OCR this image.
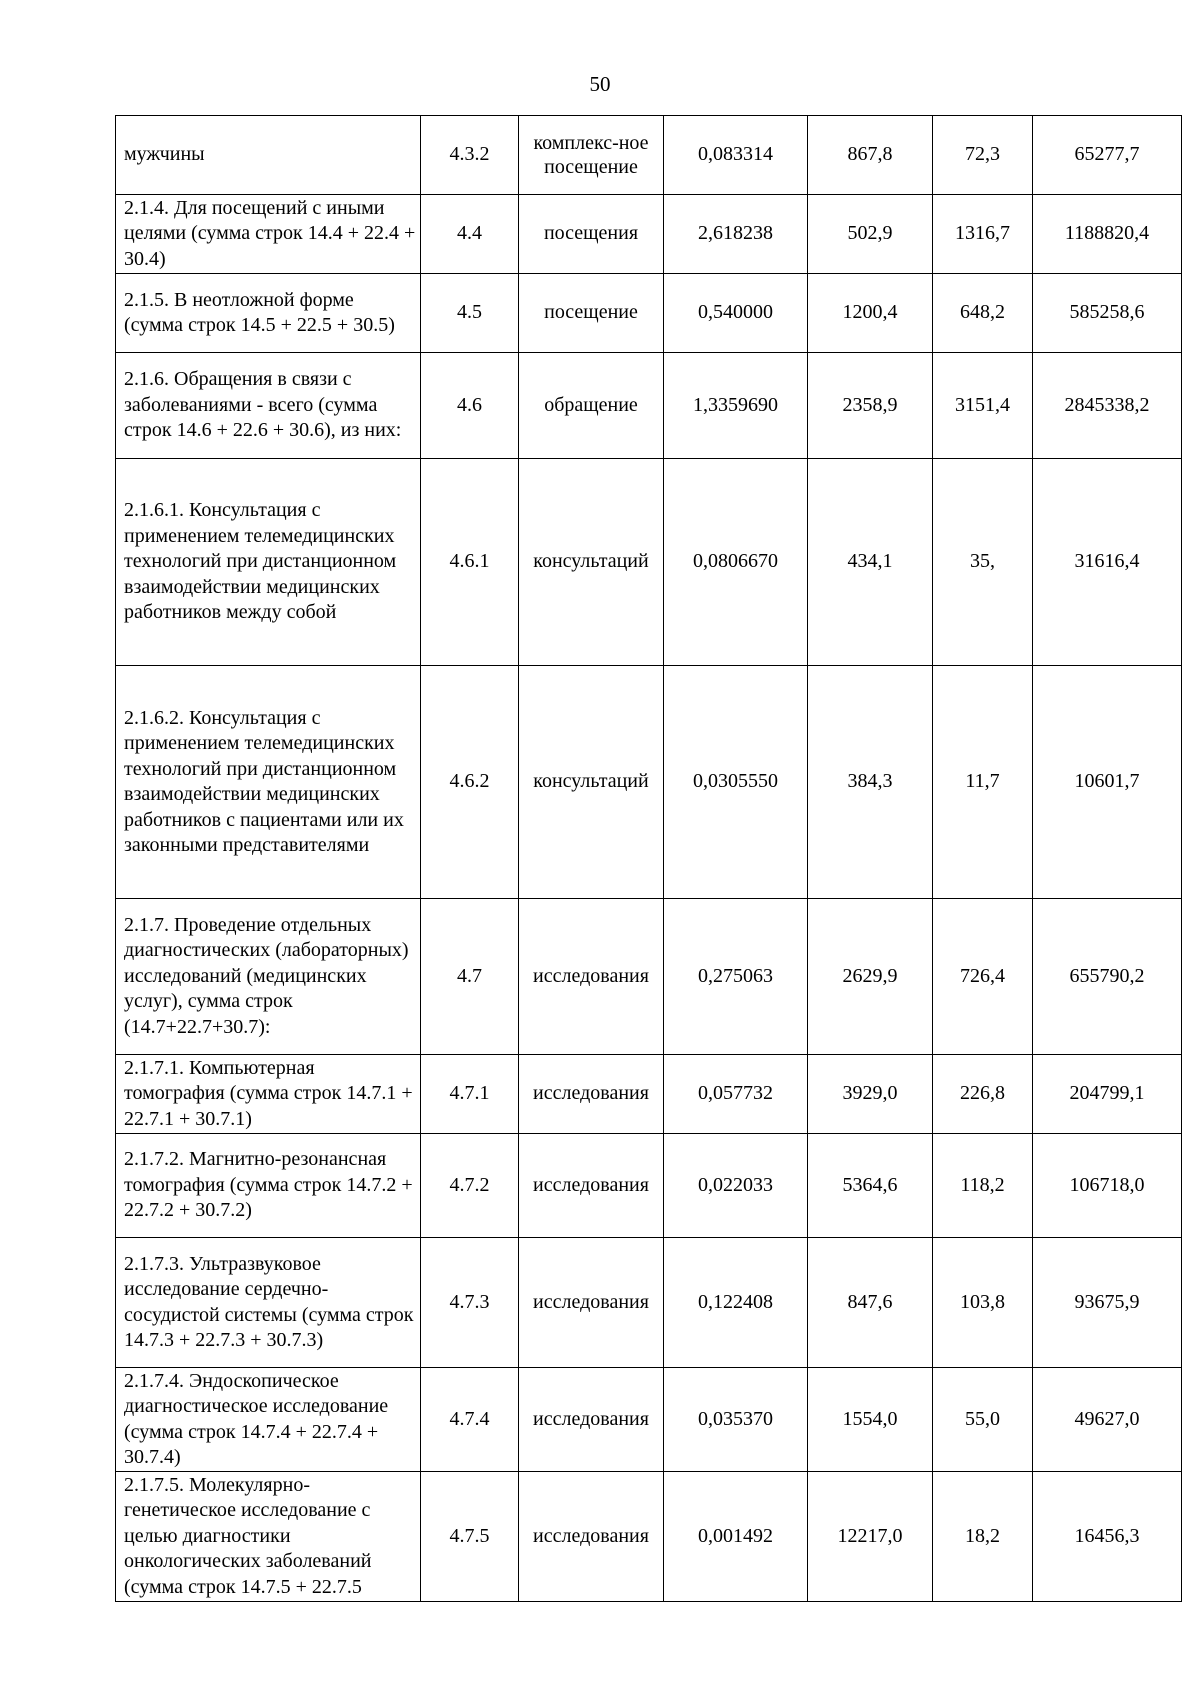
50
мужчины	4.3.2	комплекс-ное посещение	0,083314	867,8	72,3	65277,7
2.1.4. Для посещений с иными целями (сумма строк 14.4 + 22.4 + 30.4)	4.4	посещения	2,618238	502,9	1316,7	1188820,4
2.1.5. В неотложной форме (сумма строк 14.5 + 22.5 + 30.5)	4.5	посещение	0,540000	1200,4	648,2	585258,6
2.1.6. Обращения в связи с заболеваниями - всего (сумма строк 14.6 + 22.6 + 30.6), из них:	4.6	обращение	1,3359690	2358,9	3151,4	2845338,2
2.1.6.1. Консультация с применением телемедицинских технологий при дистанционном взаимодействии медицинских работников между собой	4.6.1	консультаций	0,0806670	434,1	35,	31616,4
2.1.6.2. Консультация с применением телемедицинских технологий при дистанционном взаимодействии медицинских работников с пациентами или их законными представителями	4.6.2	консультаций	0,0305550	384,3	11,7	10601,7
2.1.7. Проведение отдельных диагностических (лабораторных) исследований (медицинских услуг), сумма строк (14.7+22.7+30.7):	4.7	исследования	0,275063	2629,9	726,4	655790,2
2.1.7.1. Компьютерная томография (сумма строк 14.7.1 + 22.7.1 + 30.7.1)	4.7.1	исследования	0,057732	3929,0	226,8	204799,1
2.1.7.2. Магнитно-резонансная томография (сумма строк 14.7.2 + 22.7.2 + 30.7.2)	4.7.2	исследования	0,022033	5364,6	118,2	106718,0
2.1.7.3. Ультразвуковое исследование сердечно-сосудистой системы (сумма строк 14.7.3 + 22.7.3 + 30.7.3)	4.7.3	исследования	0,122408	847,6	103,8	93675,9
2.1.7.4. Эндоскопическое диагностическое исследование (сумма строк 14.7.4 + 22.7.4 + 30.7.4)	4.7.4	исследования	0,035370	1554,0	55,0	49627,0
2.1.7.5. Молекулярно-генетическое исследование с целью диагностики онкологических заболеваний (сумма строк 14.7.5 + 22.7.5	4.7.5	исследования	0,001492	12217,0	18,2	16456,3
